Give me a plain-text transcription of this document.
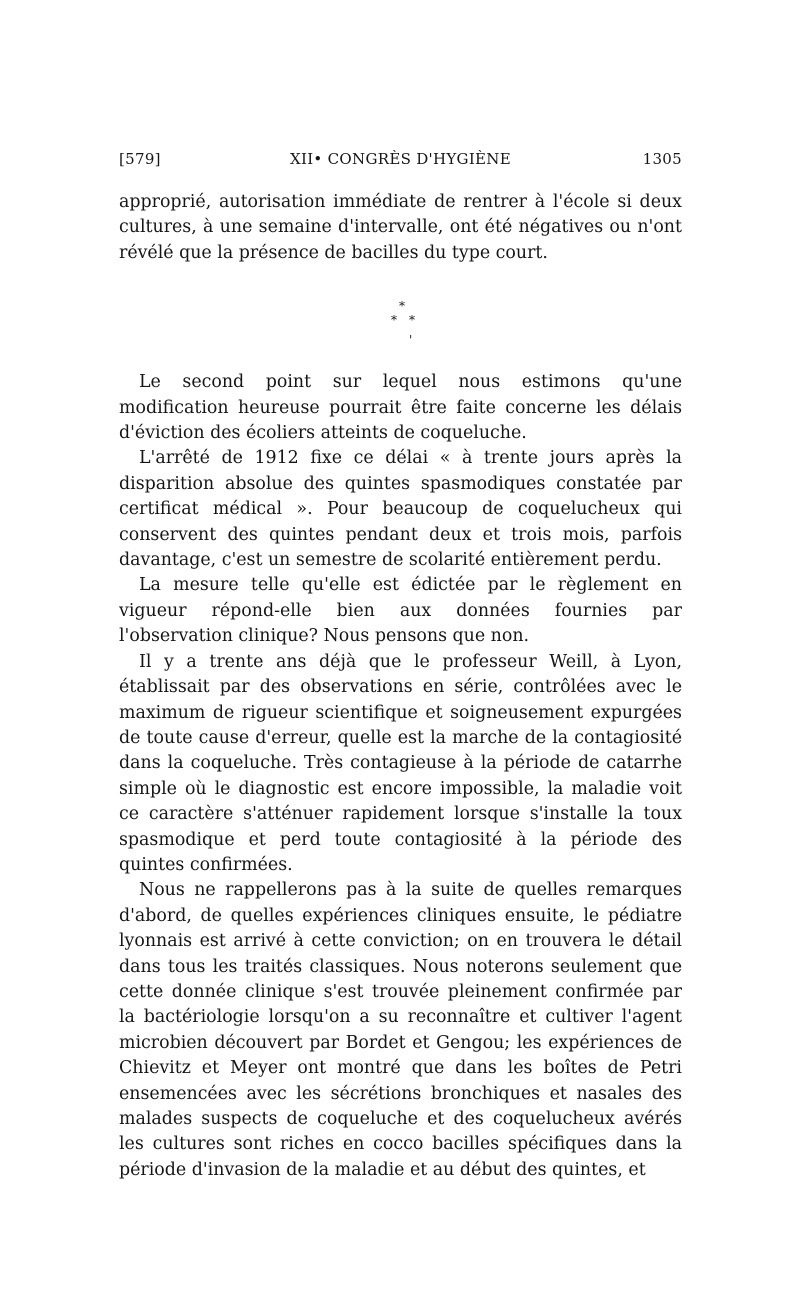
[579]	XII• CONGRÈS D'HYGIÈNE	1305

approprié, autorisation immédiate de rentrer à l'école si deux cultures, à une semaine d'intervalle, ont été négatives ou n'ont révélé que la présence de bacilles du type court.

*
* *
'

Le second point sur lequel nous estimons qu'une modification heureuse pourrait être faite concerne les délais d'éviction des écoliers atteints de coqueluche.

L'arrêté de 1912 fixe ce délai « à trente jours après la disparition absolue des quintes spasmodiques constatée par certificat médical ». Pour beaucoup de coquelucheux qui conservent des quintes pendant deux et trois mois, parfois davantage, c'est un semestre de scolarité entièrement perdu.

La mesure telle qu'elle est édictée par le règlement en vigueur répond-elle bien aux données fournies par l'observation clinique? Nous pensons que non.

Il y a trente ans déjà que le professeur Weill, à Lyon, établissait par des observations en série, contrôlées avec le maximum de rigueur scientifique et soigneusement expurgées de toute cause d'erreur, quelle est la marche de la contagiosité dans la coqueluche. Très contagieuse à la période de catarrhe simple où le diagnostic est encore impossible, la maladie voit ce caractère s'atténuer rapidement lorsque s'installe la toux spasmodique et perd toute contagiosité à la période des quintes confirmées.

Nous ne rappellerons pas à la suite de quelles remarques d'abord, de quelles expériences cliniques ensuite, le pédiatre lyonnais est arrivé à cette conviction; on en trouvera le détail dans tous les traités classiques. Nous noterons seulement que cette donnée clinique s'est trouvée pleinement confirmée par la bactériologie lorsqu'on a su reconnaître et cultiver l'agent microbien découvert par Bordet et Gengou; les expériences de Chievitz et Meyer ont montré que dans les boîtes de Petri ensemencées avec les sécrétions bronchiques et nasales des malades suspects de coqueluche et des coquelucheux avérés les cultures sont riches en cocco bacilles spécifiques dans la période d'invasion de la maladie et au début des quintes, et
